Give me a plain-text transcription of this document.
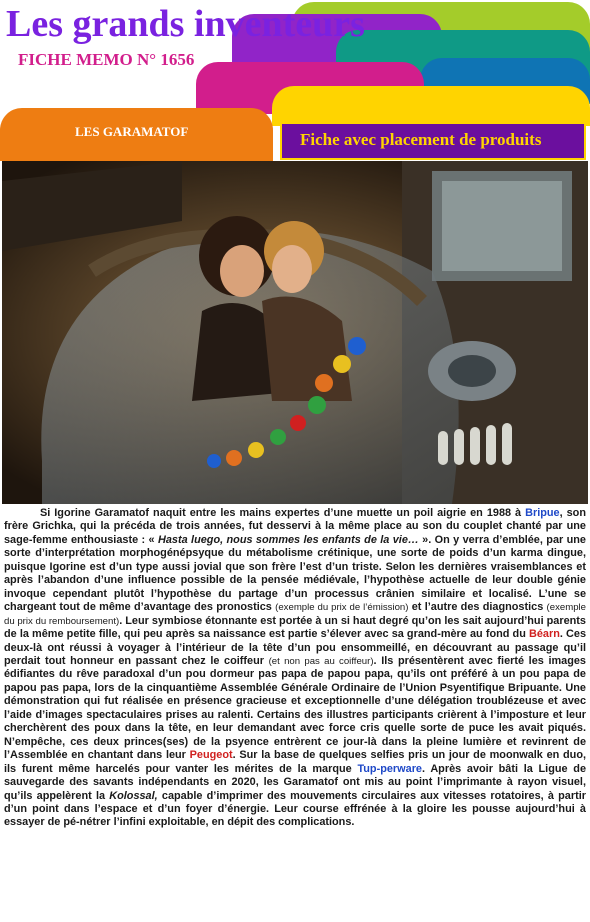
Les grands inventeurs
FICHE MEMO N° 1656
LES GARAMATOF	Fiche avec placement de produits

Si Igorine Garamatof naquit entre les mains expertes d’une muette un poil aigrie en 1988 à Bripue, son frère Grichka, qui la précéda de trois années, fut desservi à la même place au son du couplet chanté par une sage-femme enthousiaste : « Hasta luego, nous sommes les enfants de la vie… ». On y verra d’emblée, par une sorte d’interprétation morphogénépsyque du métabolisme crétinique, une sorte de poids d’un karma dingue, puisque Igorine est d’un type aussi jovial que son frère l’est d’un triste. Selon les dernières vraisemblances et après l’abandon d’une influence possible de la pensée médiévale, l’hypothèse actuelle de leur double génie invoque cependant plutôt l’hypothèse du partage d’un processus crânien similaire et localisé. L’une se chargeant tout de même d’avantage des pronostics (exemple du prix de l’émission) et l’autre des diagnostics (exemple du prix du remboursement). Leur symbiose étonnante est portée à un si haut degré qu’on les sait aujourd’hui parents de la même petite fille, qui peu après sa naissance est partie s’élever avec sa grand-mère au fond du Béarn. Ces deux-là ont réussi à voyager à l’intérieur de la tête d’un pou ensommeillé, en découvrant au passage qu’il perdait tout honneur en passant chez le coiffeur (et non pas au coiffeur). Ils présentèrent avec fierté les images édifiantes du rêve paradoxal d’un pou dormeur pas papa de papou papa, qu’ils ont préféré à un pou papa de papou pas papa, lors de la cinquantième Assemblée Générale Ordinaire de l’Union Psyentifique Bripuante. Une démonstration qui fut réalisée en présence gracieuse et exceptionnelle d’une délégation troublézeuse et avec l’aide d’images spectaculaires prises au ralenti. Certains des illustres participants crièrent à l’imposture et leur cherchèrent des poux dans la tête, en leur demandant avec force cris quelle sorte de puce les avait piqués. N’empêche, ces deux princes(ses) de la psyence entrèrent ce jour-là dans la pleine lumière et revinrent de l’Assemblée en chantant dans leur Peugeot. Sur la base de quelques selfies pris un jour de moonwalk en duo, ils furent même harcelés pour vanter les mérites de la marque Tup-perware. Après avoir bâti la Ligue de sauvegarde des savants indépendants en 2020, les Garamatof ont mis au point l’imprimante à rayon visuel, qu’ils appelèrent la Kolossal, capable d’imprimer des mouvements circulaires aux vitesses rotatoires, à partir d’un point dans l’espace et d’un foyer d’énergie. Leur course effrénée à la gloire les pousse aujourd’hui à essayer de pé-nétrer l’infini exploitable, en dépit des complications.
